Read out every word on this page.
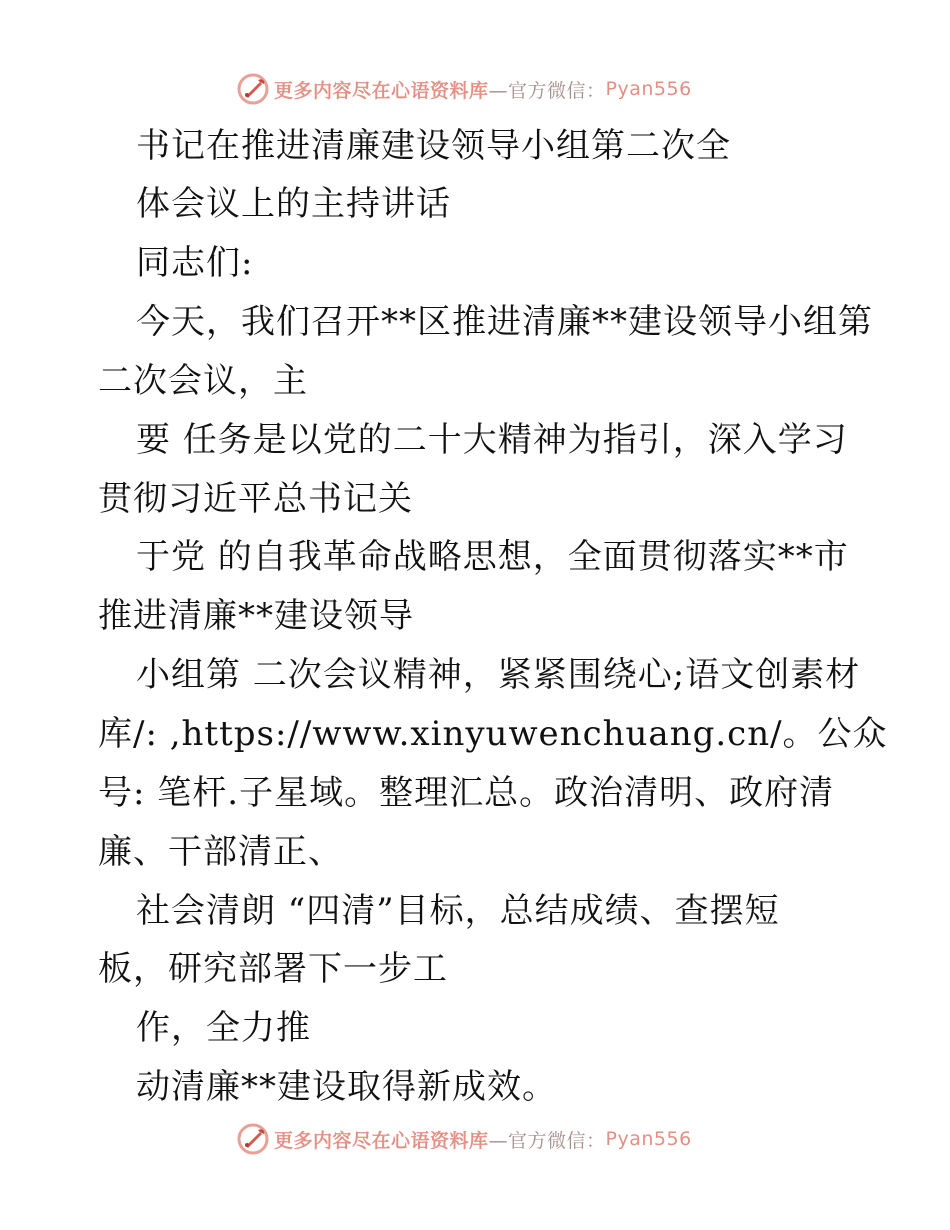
更多内容尽在心语资料库 —官方微信： Pyan556
书记在推进清廉建设领导小组第二次全
体会议上的主持讲话
同志们:
今天，我们召开**区推进清廉**建设领导小组第
二次会议，主
要 任务是以党的二十大精神为指引，深入学习
贯彻习近平总书记关
于党 的自我革命战略思想，全面贯彻落实**市
推进清廉**建设领导
小组第 二次会议精神，紧紧围绕心;语文创素材
库/: ,https://www.xinyuwenchuang.cn/。公众
号: 笔杆.子星域。整理汇总。政治清明、政府清
廉、干部清正、
社会清朗 “四清”目标，总结成绩、查摆短
板，研究部署下一步工
作，全力推
动清廉**建设取得新成效。
更多内容尽在心语资料库 —官方微信： Pyan556
